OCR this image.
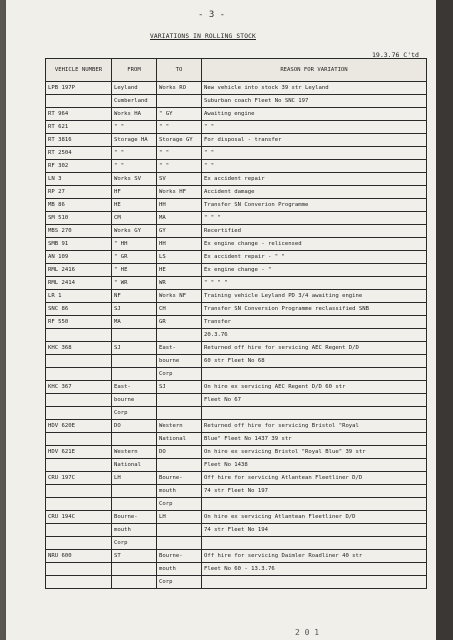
- 3 -
VARIATIONS IN ROLLING STOCK
19.3.76 C'td
VEHICLE NUMBER	FROM	TO	REASON FOR VARIATION
LPB 197P	Leyland	Works RO	New vehicle into stock 39 str Leyland
	Cumberland		Suburban coach Fleet No SNC 197
RT 964	Works HA	" GY	Awaiting engine
RT 621	" "	" "	" "
RT 3816	Storage HA	Storage GY	For disposal - transfer
RT 2504	" "	" "	" "
RF 302	" "	" "	" "
LN 3	Works SV	SV	Ex accident repair
RP 27	HF	Works HF	Accident damage
MB 86	HE	HH	Transfer SN Converion Programme
SM 510	CM	MA	" " "
MBS 270	Works GY	GY	Recertified
SMB 91	" HH	HH	Ex engine change - relicensed
AN 109	" GR	LS	Ex accident repair - " "
RML 2416	" HE	HE	Ex engine change - "
RML 2414	" WR	WR	" " " "
LR 1	NF	Works NF	Training vehicle Leyland PD 3/4 awaiting engine
SNC 86	SJ	CH	Transfer SN Conversion Programme reclassified SNB
RF 550	MA	GR	Transfer
			20.3.76
KHC 368	SJ	East-	Returned off hire for servicing AEC Regent D/D
		bourne	60 str Fleet No 68
		Corp	
KHC 367	East-	SJ	On hire ex servicing AEC Regent D/D 60 str
	bourne		Fleet No 67
	Corp		
HDV 620E	DO	Western	Returned off hire for servicing Bristol "Royal
		National	Blue" Fleet No 1437 39 str
HDV 621E	Western	DO	On hire ex servicing Bristol "Royal Blue" 39 str
	National		Fleet No 1438
CRU 197C	LH	Bourne-	Off hire for servicing Atlantean Fleetliner D/D
		mouth	74 str Fleet No 197
		Corp	
CRU 194C	Bourne-	LH	On hire ex servicing Atlantean Fleetliner D/D
	mouth		74 str Fleet No 194
	Corp		
NRU 600	ST	Bourne-	Off hire for servicing Daimler Roadliner 40 str
		mouth	Fleet No 60 - 13.3.76
		Corp	
2 0 1
